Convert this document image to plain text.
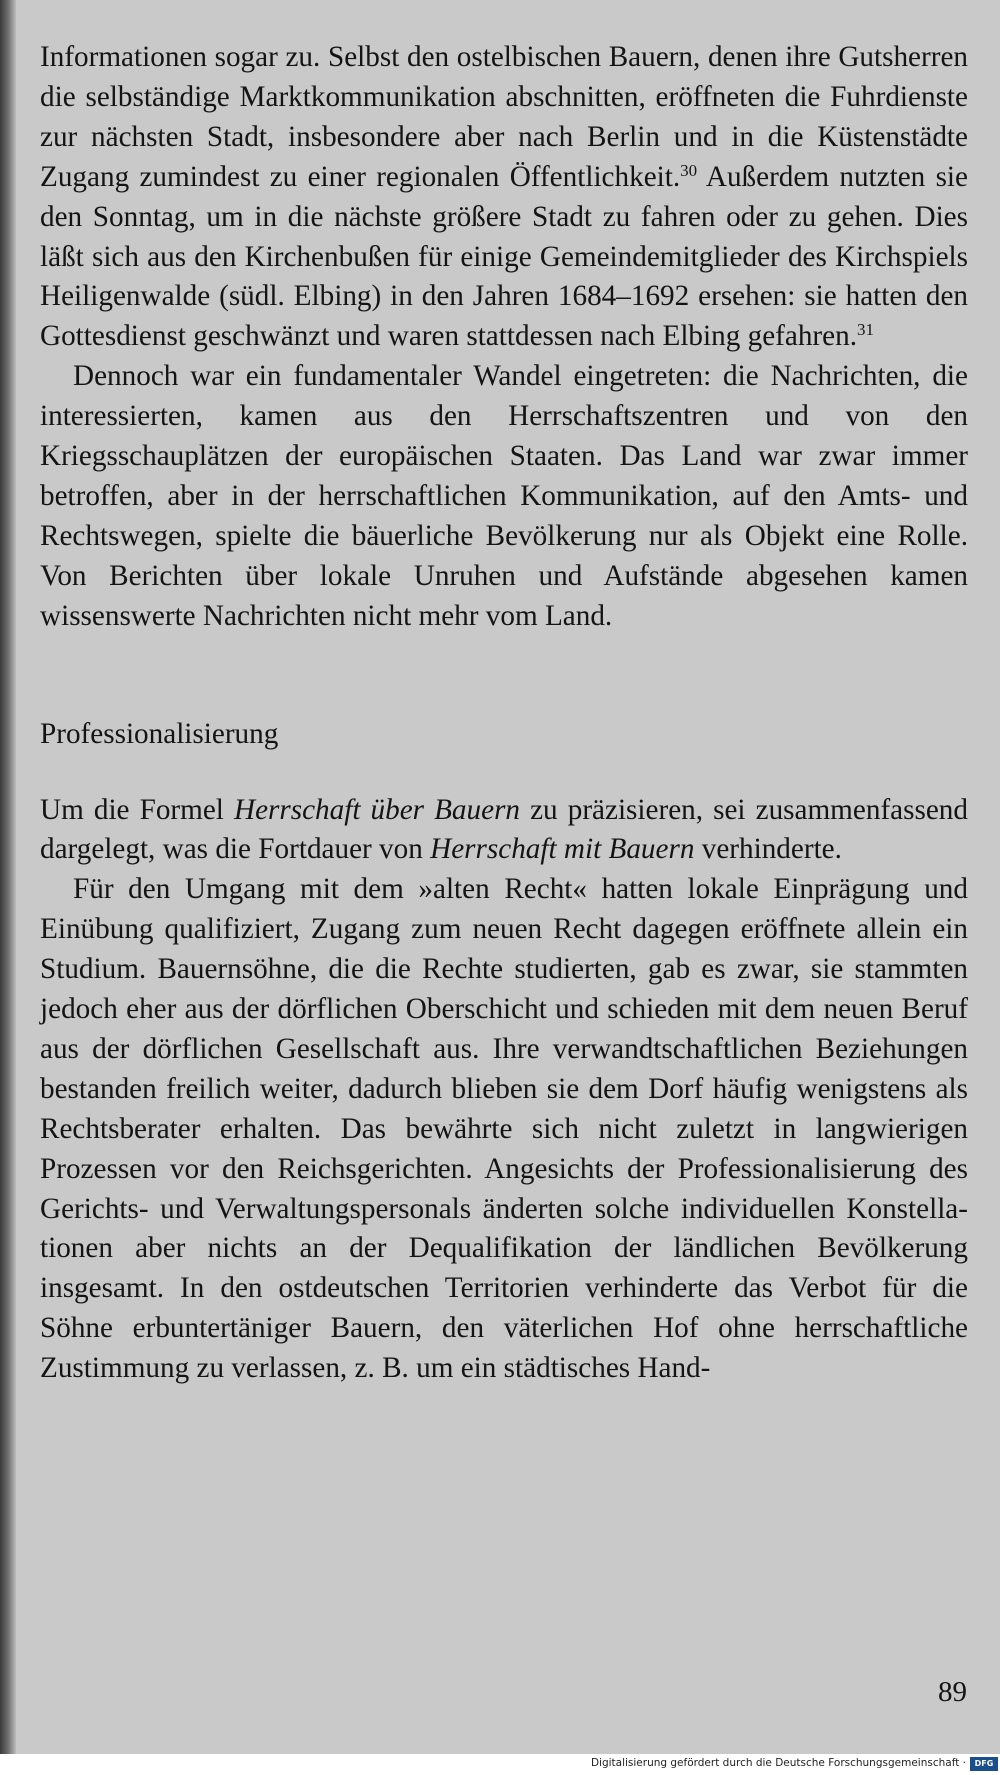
Informationen sogar zu. Selbst den ostelbischen Bauern, denen ihre Gutsherren die selbständige Marktkommunikation abschnitten, eröffneten die Fuhrdienste zur nächsten Stadt, insbesondere aber nach Berlin und in die Küstenstädte Zugang zumindest zu einer regionalen Öffentlichkeit.$^{30}$ Außerdem nutzten sie den Sonntag, um in die nächste größere Stadt zu fahren oder zu gehen. Dies läßt sich aus den Kirchenbußen für einige Gemeindemitglieder des Kirchspiels Heiligenwalde (südl. Elbing) in den Jahren 1684–1692 ersehen: sie hatten den Gottesdienst geschwänzt und waren stattdessen nach Elbing gefahren.$^{31}$

Dennoch war ein fundamentaler Wandel eingetreten: die Nachrichten, die interessierten, kamen aus den Herrschaftszentren und von den Kriegsschauplätzen der europäischen Staaten. Das Land war zwar immer betroffen, aber in der herrschaftlichen Kommunikation, auf den Amts- und Rechtswegen, spielte die bäuerliche Bevölkerung nur als Objekt eine Rolle. Von Berichten über lokale Unruhen und Aufstände abgesehen kamen wissenswerte Nachrichten nicht mehr vom Land.

Professionalisierung

Um die Formel Herrschaft über Bauern zu präzisieren, sei zusammenfassend dargelegt, was die Fortdauer von Herrschaft mit Bauern verhinderte.

Für den Umgang mit dem »alten Recht« hatten lokale Einprägung und Einübung qualifiziert, Zugang zum neuen Recht dagegen eröffnete allein ein Studium. Bauernsöhne, die die Rechte studierten, gab es zwar, sie stammten jedoch eher aus der dörflichen Oberschicht und schieden mit dem neuen Beruf aus der dörflichen Gesellschaft aus. Ihre verwandtschaftlichen Beziehungen bestanden freilich weiter, dadurch blieben sie dem Dorf häufig wenigstens als Rechtsberater erhalten. Das bewährte sich nicht zuletzt in langwierigen Prozessen vor den Reichsgerichten. Angesichts der Professionalisierung des Gerichts- und Verwaltungspersonals änderten solche individuellen Konstellationen aber nichts an der Dequalifikation der ländlichen Bevölkerung insgesamt. In den ostdeutschen Territorien verhinderte das Verbot für die Söhne erbuntertäniger Bauern, den väterlichen Hof ohne herrschaftliche Zustimmung zu verlassen, z. B. um ein städtisches Hand-

89
Digitalisierung gefördert durch die Deutsche Forschungsgemeinschaft ·	DFG
